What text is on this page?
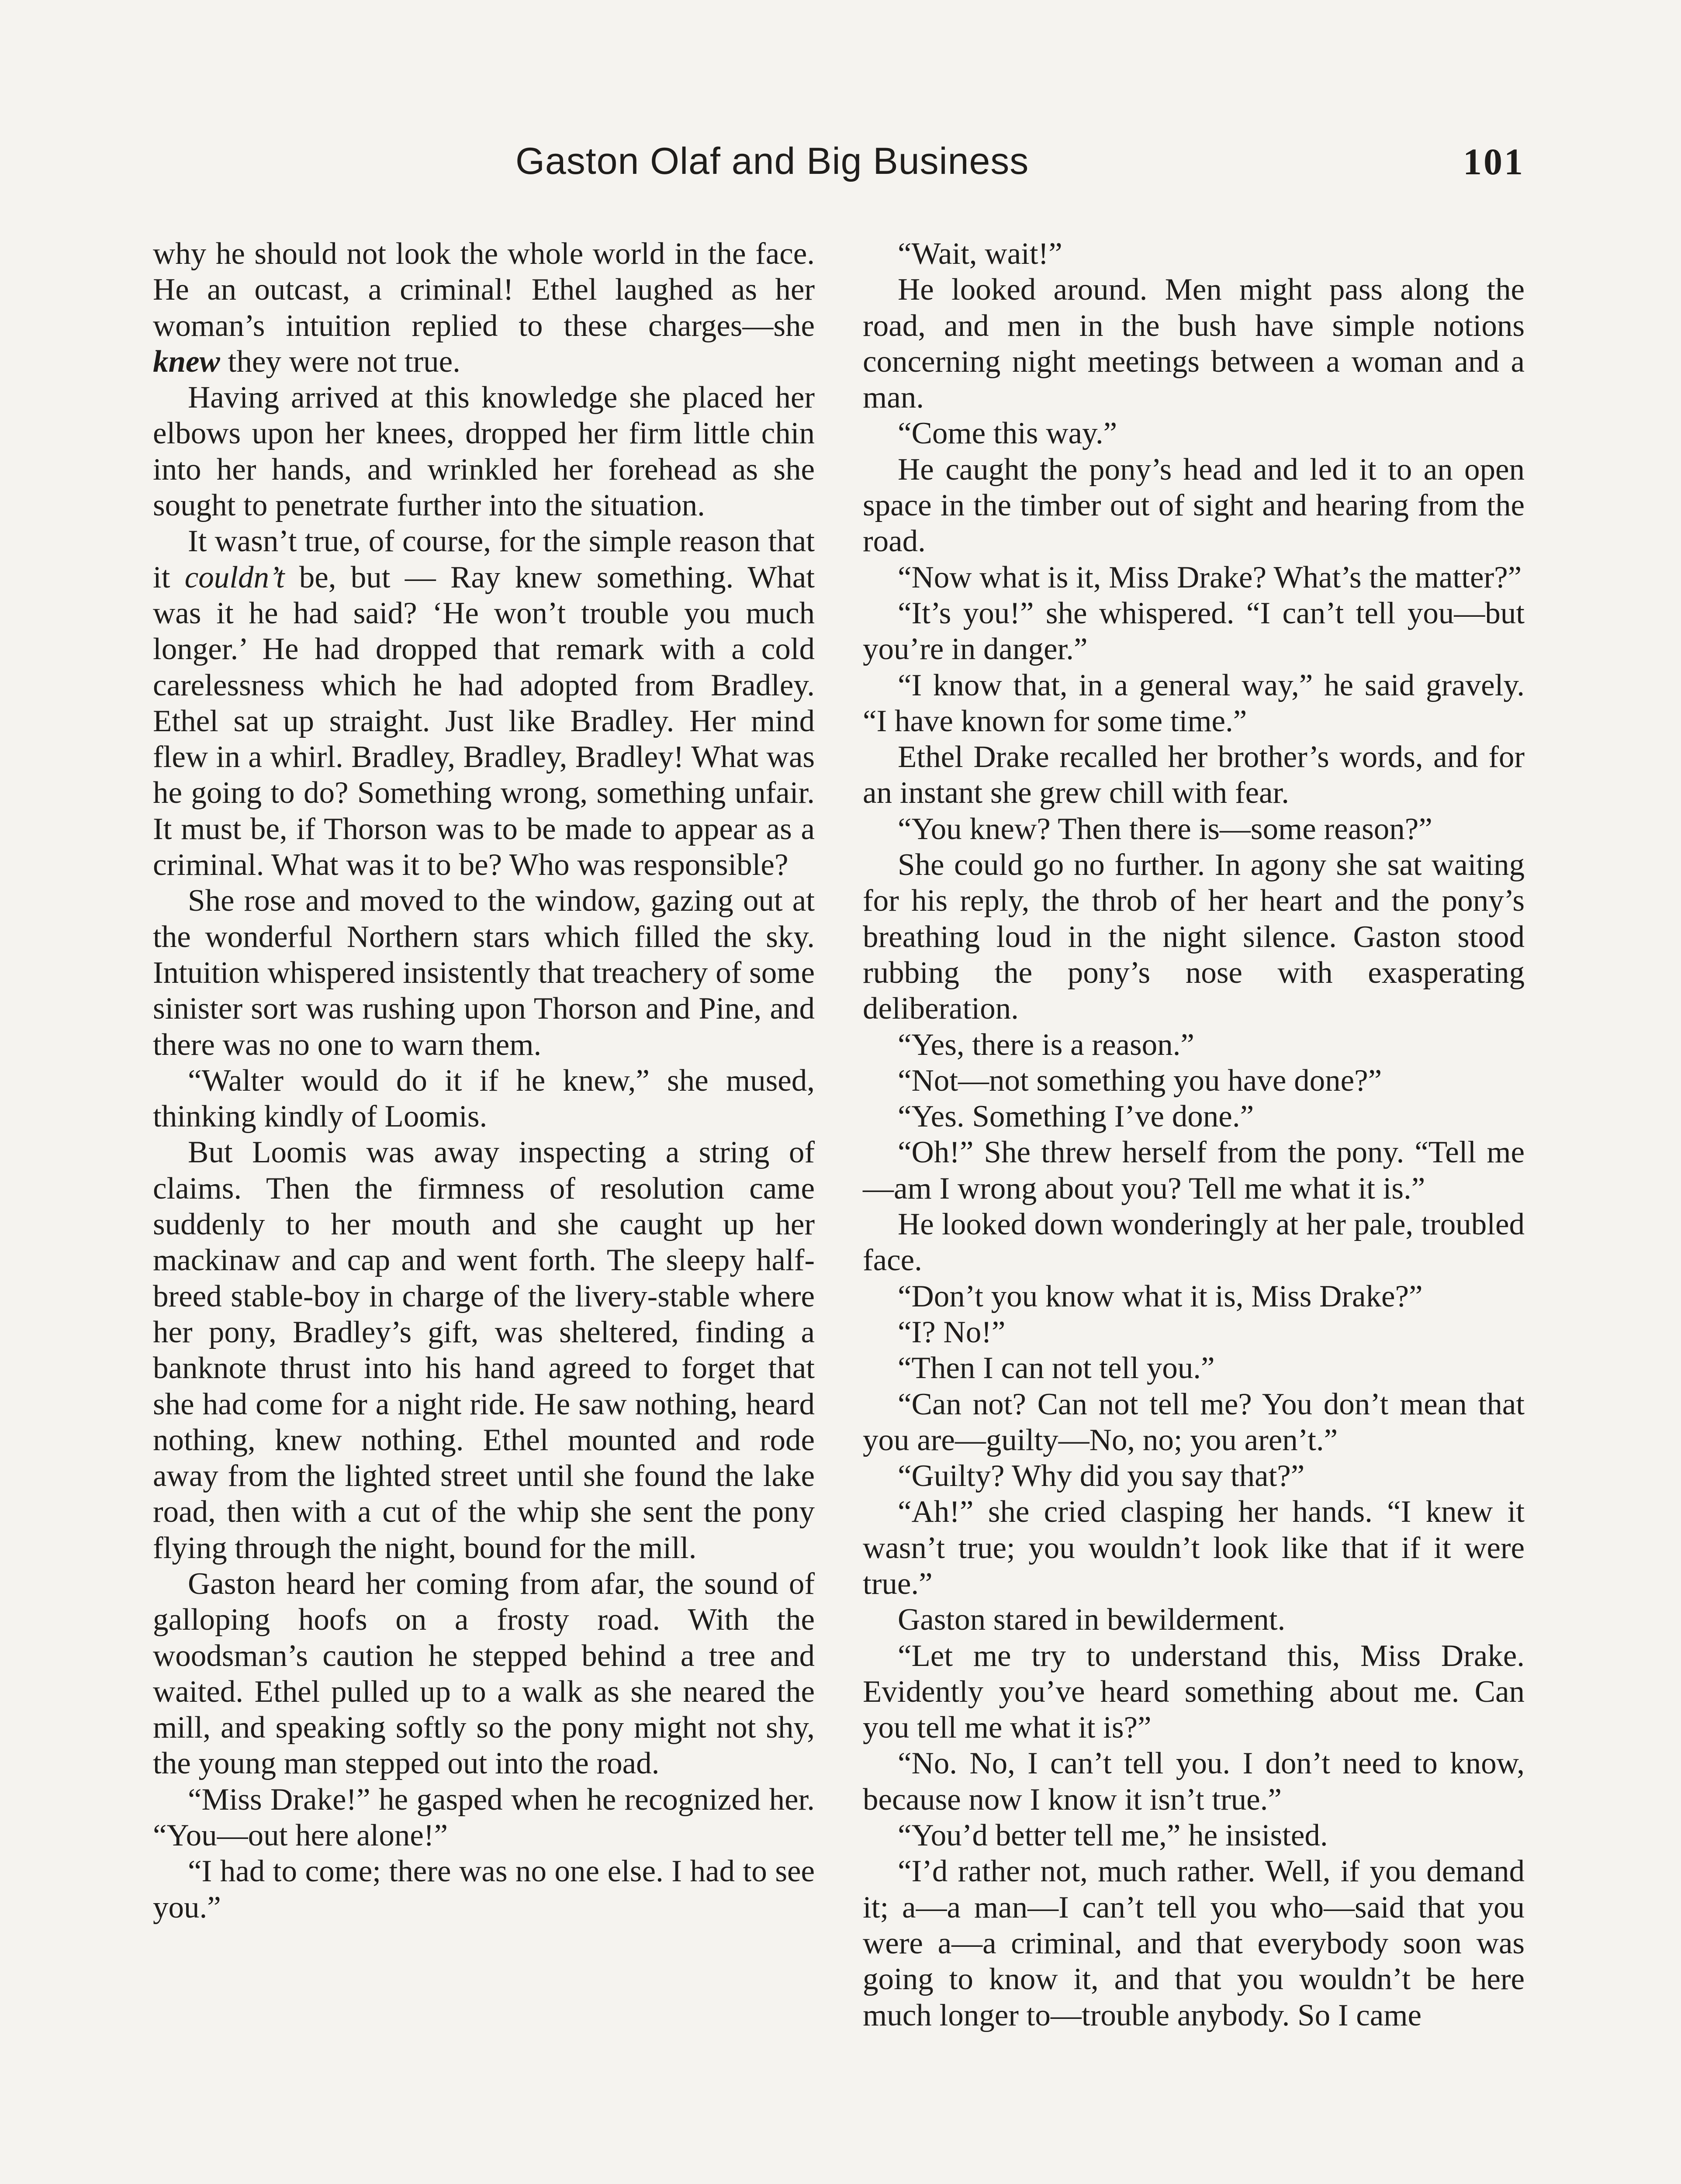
Gaston Olaf and Big Business	101

why he should not look the whole world in the face. He an outcast, a criminal! Ethel laughed as her woman’s intuition replied to these charges—she knew they were not true.

Having arrived at this knowledge she placed her elbows upon her knees, dropped her firm little chin into her hands, and wrinkled her forehead as she sought to penetrate further into the situation.

It wasn’t true, of course, for the simple reason that it couldn’t be, but — Ray knew something. What was it he had said? ‘He won’t trouble you much longer.’ He had dropped that remark with a cold carelessness which he had adopted from Bradley. Ethel sat up straight. Just like Bradley. Her mind flew in a whirl. Bradley, Bradley, Bradley! What was he going to do? Something wrong, something unfair. It must be, if Thorson was to be made to appear as a criminal. What was it to be? Who was responsible?

She rose and moved to the window, gazing out at the wonderful Northern stars which filled the sky. Intuition whispered insistently that treachery of some sinister sort was rushing upon Thorson and Pine, and there was no one to warn them.

“Walter would do it if he knew,” she mused, thinking kindly of Loomis.

But Loomis was away inspecting a string of claims. Then the firmness of resolution came suddenly to her mouth and she caught up her mackinaw and cap and went forth. The sleepy half-breed stable-boy in charge of the livery-stable where her pony, Bradley’s gift, was sheltered, finding a banknote thrust into his hand agreed to forget that she had come for a night ride. He saw nothing, heard nothing, knew nothing. Ethel mounted and rode away from the lighted street until she found the lake road, then with a cut of the whip she sent the pony flying through the night, bound for the mill.

Gaston heard her coming from afar, the sound of galloping hoofs on a frosty road. With the woodsman’s caution he stepped behind a tree and waited. Ethel pulled up to a walk as she neared the mill, and speaking softly so the pony might not shy, the young man stepped out into the road.

“Miss Drake!” he gasped when he recognized her. “You—out here alone!”

“I had to come; there was no one else. I had to see you.”

“Wait, wait!”

He looked around. Men might pass along the road, and men in the bush have simple notions concerning night meetings between a woman and a man.

“Come this way.”

He caught the pony’s head and led it to an open space in the timber out of sight and hearing from the road.

“Now what is it, Miss Drake? What’s the matter?”

“It’s you!” she whispered. “I can’t tell you—but you’re in danger.”

“I know that, in a general way,” he said gravely. “I have known for some time.”

Ethel Drake recalled her brother’s words, and for an instant she grew chill with fear.

“You knew? Then there is—some reason?”

She could go no further. In agony she sat waiting for his reply, the throb of her heart and the pony’s breathing loud in the night silence. Gaston stood rubbing the pony’s nose with exasperating deliberation.

“Yes, there is a reason.”

“Not—not something you have done?”

“Yes. Something I’ve done.”

“Oh!” She threw herself from the pony. “Tell me—am I wrong about you? Tell me what it is.”

He looked down wonderingly at her pale, troubled face.

“Don’t you know what it is, Miss Drake?”

“I? No!”

“Then I can not tell you.”

“Can not? Can not tell me? You don’t mean that you are—guilty—No, no; you aren’t.”

“Guilty? Why did you say that?”

“Ah!” she cried clasping her hands. “I knew it wasn’t true; you wouldn’t look like that if it were true.”

Gaston stared in bewilderment.

“Let me try to understand this, Miss Drake. Evidently you’ve heard something about me. Can you tell me what it is?”

“No. No, I can’t tell you. I don’t need to know, because now I know it isn’t true.”

“You’d better tell me,” he insisted.

“I’d rather not, much rather. Well, if you demand it; a—a man—I can’t tell you who—said that you were a—a criminal, and that everybody soon was going to know it, and that you wouldn’t be here much longer to—trouble anybody. So I came
